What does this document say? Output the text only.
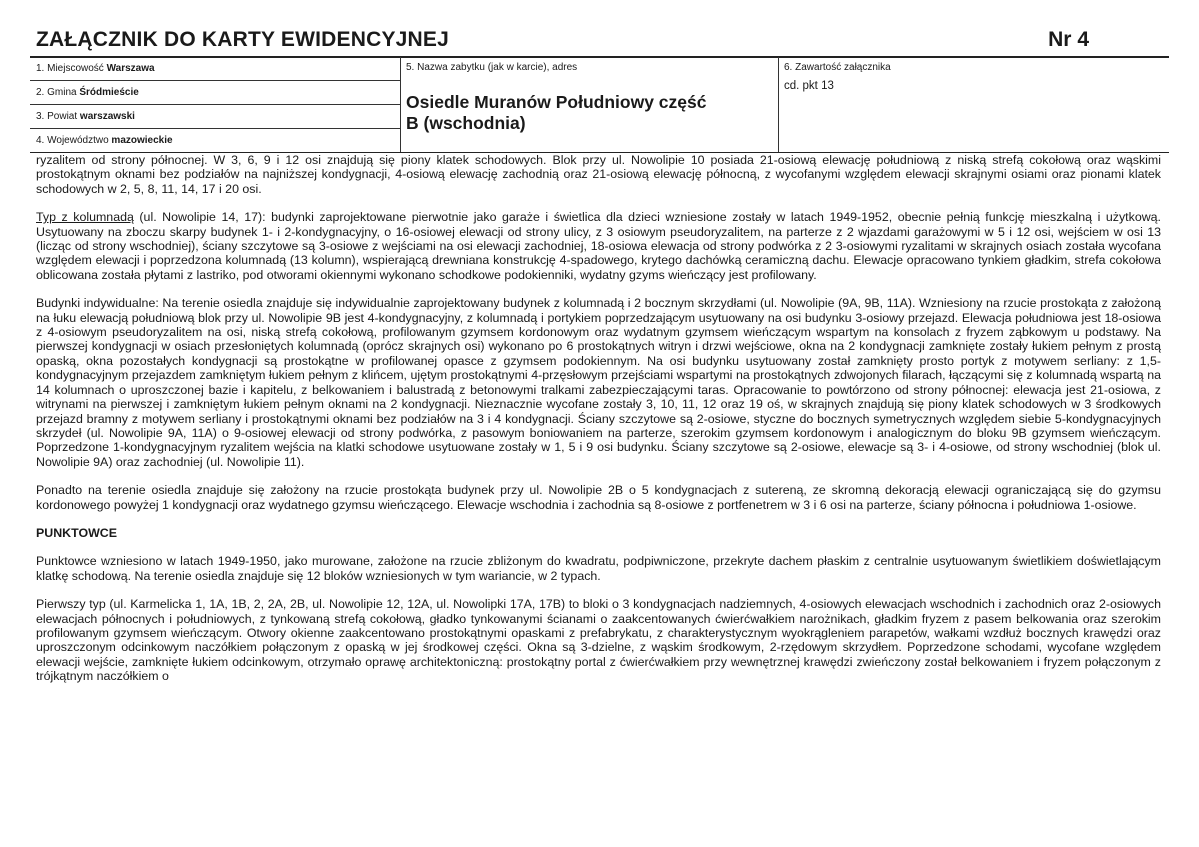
ZAŁĄCZNIK DO KARTY EWIDENCYJNEJ	Nr 4
1. Miejscowość Warszawa
2. Gmina Śródmieście
3. Powiat warszawski
4. Województwo mazowieckie
5. Nazwa zabytku (jak w karcie), adres
Osiedle Muranów Południowy część
B (wschodnia)
6. Zawartość załącznika
cd. pkt 13

ryzalitem od strony północnej. W 3, 6, 9 i 12 osi znajdują się piony klatek schodowych. Blok przy ul. Nowolipie 10 posiada 21-osiową elewację południową z niską strefą cokołową oraz wąskimi prostokątnym oknami bez podziałów na najniższej kondygnacji, 4-osiową elewację zachodnią oraz 21-osiową elewację północną, z wycofanymi względem elewacji skrajnymi osiami oraz pionami klatek schodowych w 2, 5, 8, 11, 14, 17 i 20 osi.

Typ z kolumnadą (ul. Nowolipie 14, 17): budynki zaprojektowane pierwotnie jako garaże i świetlica dla dzieci wzniesione zostały w latach 1949-1952, obecnie pełnią funkcję mieszkalną i użytkową. Usytuowany na zboczu skarpy budynek 1- i 2-kondygnacyjny, o 16-osiowej elewacji od strony ulicy, z 3 osiowym pseudoryzalitem, na parterze z 2 wjazdami garażowymi w 5 i 12 osi, wejściem w osi 13 (licząc od strony wschodniej), ściany szczytowe są 3-osiowe z wejściami na osi elewacji zachodniej, 18-osiowa elewacja od strony podwórka z 2 3-osiowymi ryzalitami w skrajnych osiach została wycofana względem elewacji i poprzedzona kolumnadą (13 kolumn), wspierającą drewniana konstrukcję 4-spadowego, krytego dachówką ceramiczną dachu. Elewacje opracowano tynkiem gładkim, strefa cokołowa oblicowana została płytami z lastriko, pod otworami okiennymi wykonano schodkowe podokienniki, wydatny gzyms wieńczący jest profilowany.

Budynki indywidualne: Na terenie osiedla znajduje się indywidualnie zaprojektowany budynek z kolumnadą i 2 bocznym skrzydłami (ul. Nowolipie (9A, 9B, 11A). Wzniesiony na rzucie prostokąta z założoną na łuku elewacją południową blok przy ul. Nowolipie 9B jest 4-kondygnacyjny, z kolumnadą i portykiem poprzedzającym usytuowany na osi budynku 3-osiowy przejazd. Elewacja południowa jest 18-osiowa z 4-osiowym pseudoryzalitem na osi, niską strefą cokołową, profilowanym gzymsem kordonowym oraz wydatnym gzymsem wieńczącym wspartym na konsolach z fryzem ząbkowym u podstawy. Na pierwszej kondygnacji w osiach przesłoniętych kolumnadą (oprócz skrajnych osi) wykonano po 6 prostokątnych witryn i drzwi wejściowe, okna na 2 kondygnacji zamknięte zostały łukiem pełnym z prostą opaską, okna pozostałych kondygnacji są prostokątne w profilowanej opasce z gzymsem podokiennym. Na osi budynku usytuowany został zamknięty prosto portyk z motywem serliany: z 1,5-kondygnacyjnym przejazdem zamkniętym łukiem pełnym z klińcem, ujętym prostokątnymi 4-przęsłowym przejściami wspartymi na prostokątnych zdwojonych filarach, łączącymi się z kolumnadą wspartą na 14 kolumnach o uproszczonej bazie i kapitelu, z belkowaniem i balustradą z betonowymi tralkami zabezpieczającymi taras. Opracowanie to powtórzono od strony północnej: elewacja jest 21-osiowa, z witrynami na pierwszej i zamkniętym łukiem pełnym oknami na 2 kondygnacji. Nieznacznie wycofane zostały 3, 10, 11, 12 oraz 19 oś, w skrajnych znajdują się piony klatek schodowych w 3 środkowych przejazd bramny z motywem serliany i prostokątnymi oknami bez podziałów na 3 i 4 kondygnacji. Ściany szczytowe są 2-osiowe, styczne do bocznych symetrycznych względem siebie 5-kondygnacyjnych skrzydeł (ul. Nowolipie 9A, 11A) o 9-osiowej elewacji od strony podwórka, z pasowym boniowaniem na parterze, szerokim gzymsem kordonowym i analogicznym do bloku 9B gzymsem wieńczącym. Poprzedzone 1-kondygnacyjnym ryzalitem wejścia na klatki schodowe usytuowane zostały w 1, 5 i 9 osi budynku. Ściany szczytowe są 2-osiowe, elewacje są 3- i 4-osiowe, od strony wschodniej (blok ul. Nowolipie 9A) oraz zachodniej (ul. Nowolipie 11).

Ponadto na terenie osiedla znajduje się założony na rzucie prostokąta budynek przy ul. Nowolipie 2B o 5 kondygnacjach z sutereną, ze skromną dekoracją elewacji ograniczającą się do gzymsu kordonowego powyżej 1 kondygnacji oraz wydatnego gzymsu wieńczącego. Elewacje wschodnia i zachodnia są 8-osiowe z portfenetrem w 3 i 6 osi na parterze, ściany północna i południowa 1-osiowe.

PUNKTOWCE

Punktowce wzniesiono w latach 1949-1950, jako murowane, założone na rzucie zbliżonym do kwadratu, podpiwniczone, przekryte dachem płaskim z centralnie usytuowanym świetlikiem doświetlającym klatkę schodową. Na terenie osiedla znajduje się 12 bloków wzniesionych w tym wariancie, w 2 typach.

Pierwszy typ (ul. Karmelicka 1, 1A, 1B, 2, 2A, 2B, ul. Nowolipie 12, 12A, ul. Nowolipki 17A, 17B) to bloki o 3 kondygnacjach nadziemnych, 4-osiowych elewacjach wschodnich i zachodnich oraz 2-osiowych elewacjach północnych i południowych, z tynkowaną strefą cokołową, gładko tynkowanymi ścianami o zaakcentowanych ćwierćwałkiem narożnikach, gładkim fryzem z pasem belkowania oraz szerokim profilowanym gzymsem wieńczącym. Otwory okienne zaakcentowano prostokątnymi opaskami z prefabrykatu, z charakterystycznym wyokrągleniem parapetów, wałkami wzdłuż bocznych krawędzi oraz uproszczonym odcinkowym naczółkiem połączonym z opaską w jej środkowej części. Okna są 3-dzielne, z wąskim środkowym, 2-rzędowym skrzydłem. Poprzedzone schodami, wycofane względem elewacji wejście, zamknięte łukiem odcinkowym, otrzymało oprawę architektoniczną: prostokątny portal z ćwierćwałkiem przy wewnętrznej krawędzi zwieńczony został belkowaniem i fryzem połączonym z trójkątnym naczółkiem o
